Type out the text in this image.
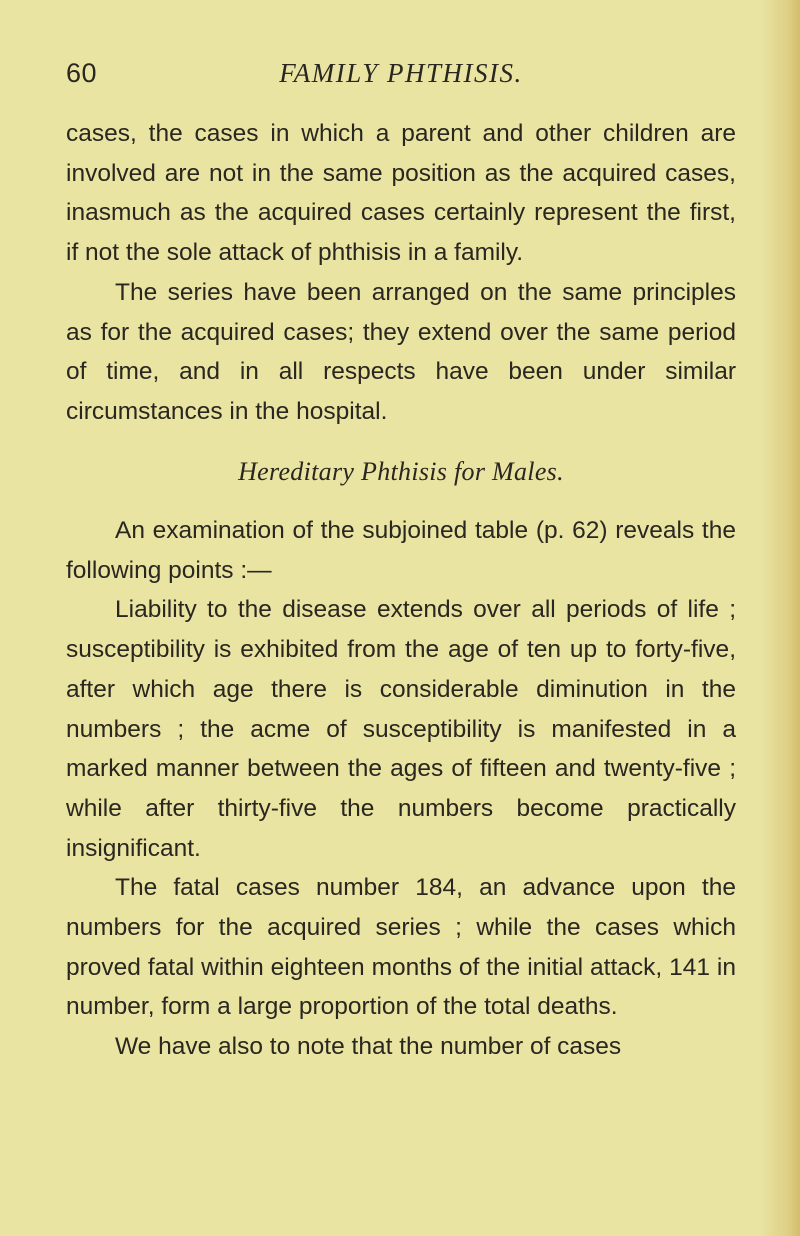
60	FAMILY PHTHISIS.

cases, the cases in which a parent and other children are involved are not in the same position as the acquired cases, inasmuch as the acquired cases certainly represent the first, if not the sole attack of phthisis in a family.

The series have been arranged on the same principles as for the acquired cases; they extend over the same period of time, and in all respects have been under similar circumstances in the hospital.

Hereditary Phthisis for Males.

An examination of the subjoined table (p. 62) reveals the following points :—

Liability to the disease extends over all periods of life ; susceptibility is exhibited from the age of ten up to forty-five, after which age there is considerable diminution in the numbers ; the acme of susceptibility is manifested in a marked manner between the ages of fifteen and twenty-five ; while after thirty-five the numbers become practically insignificant.

The fatal cases number 184, an advance upon the numbers for the acquired series ; while the cases which proved fatal within eighteen months of the initial attack, 141 in number, form a large proportion of the total deaths.

We have also to note that the number of cases
